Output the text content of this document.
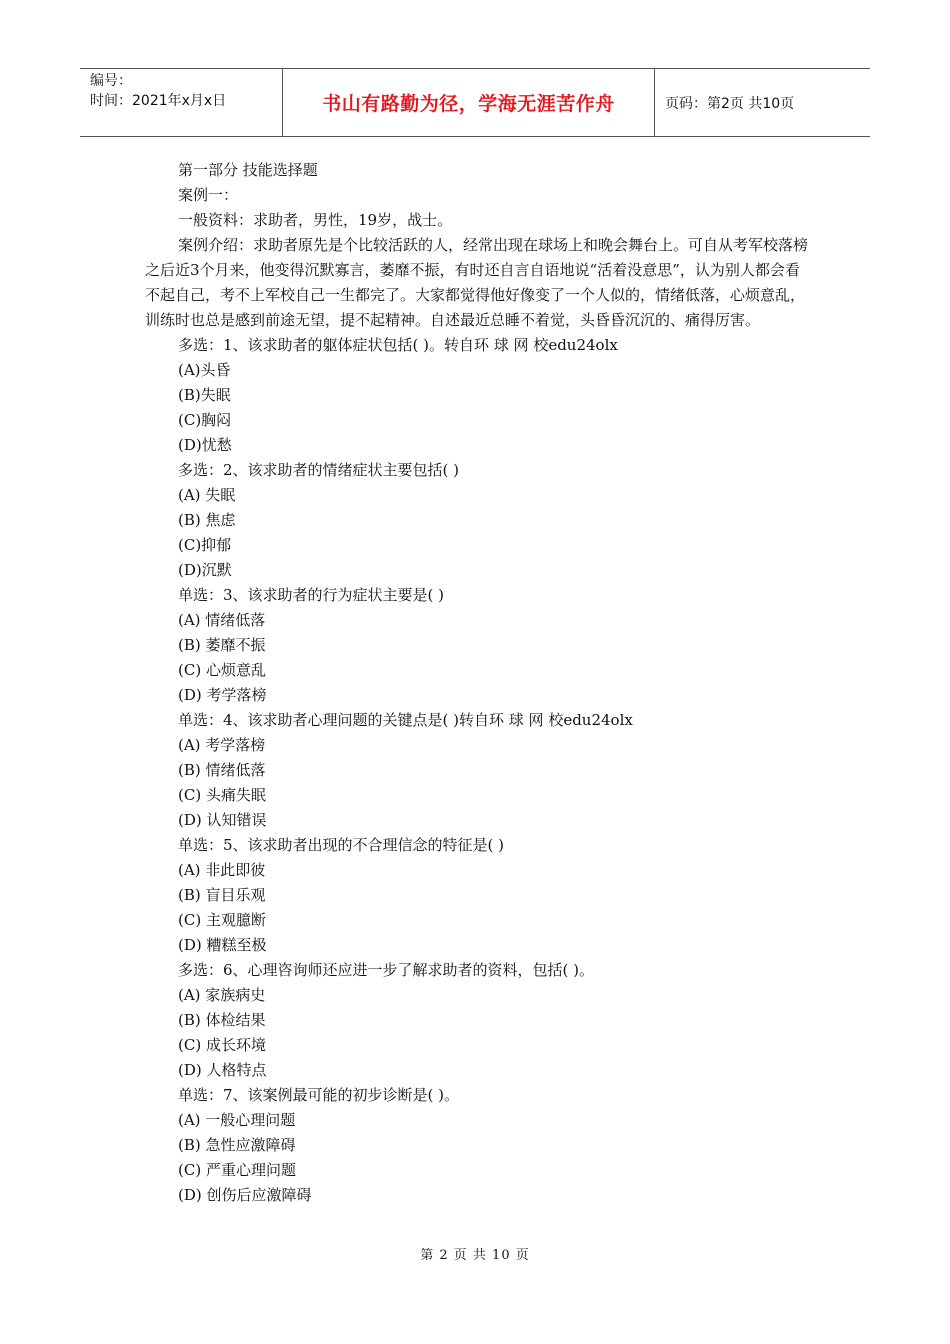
编号：
时间：2021年x月x日	书山有路勤为径，学海无涯苦作舟	页码：第2页 共10页

第一部分 技能选择题

案例一：

一般资料：求助者，男性，19岁，战士。

案例介绍：求助者原先是个比较活跃的人，经常出现在球场上和晚会舞台上。可自从考军校落榜之后近3个月来，他变得沉默寡言，萎靡不振，有时还自言自语地说“活着没意思”，认为别人都会看不起自己，考不上军校自己一生都完了。大家都觉得他好像变了一个人似的，情绪低落，心烦意乱，训练时也总是感到前途无望，提不起精神。自述最近总睡不着觉，头昏昏沉沉的、痛得厉害。

多选：1、该求助者的躯体症状包括( )。转自环 球 网 校edu24olx

(A)头昏

(B)失眠

(C)胸闷

(D)忧愁

多选：2、该求助者的情绪症状主要包括( )

(A) 失眠

(B) 焦虑

(C)抑郁

(D)沉默

单选：3、该求助者的行为症状主要是( )

(A) 情绪低落

(B) 萎靡不振

(C) 心烦意乱

(D) 考学落榜

单选：4、该求助者心理问题的关键点是( )转自环 球 网 校edu24olx

(A) 考学落榜

(B) 情绪低落

(C) 头痛失眠

(D) 认知错误

单选：5、该求助者出现的不合理信念的特征是( )

(A) 非此即彼

(B) 盲目乐观

(C) 主观臆断

(D) 糟糕至极

多选：6、心理咨询师还应进一步了解求助者的资料，包括( )。

(A) 家族病史

(B) 体检结果

(C) 成长环境

(D) 人格特点

单选：7、该案例最可能的初步诊断是( )。

(A) 一般心理问题

(B) 急性应激障碍

(C) 严重心理问题

(D) 创伤后应激障碍

第 2 页 共 10 页
